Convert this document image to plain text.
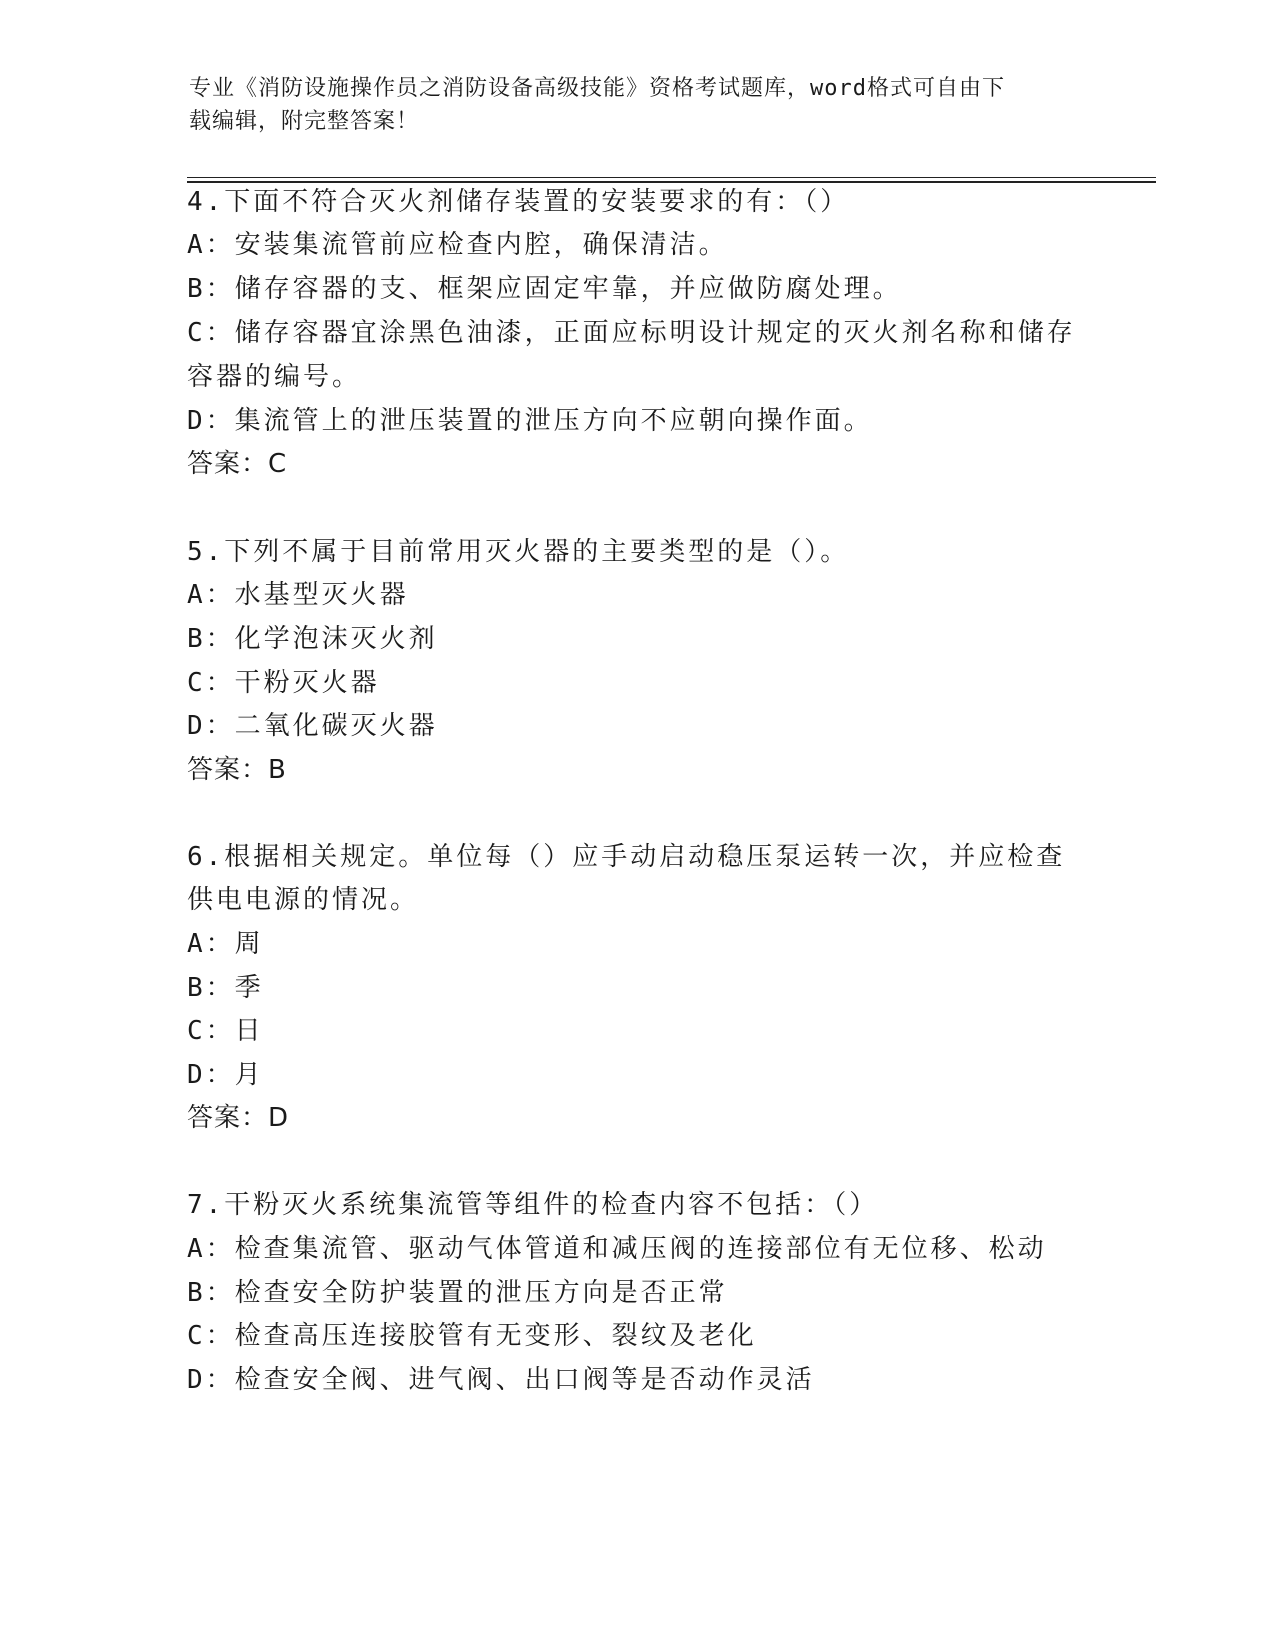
专业《消防设施操作员之消防设备高级技能》资格考试题库，word格式可自由下
载编辑，附完整答案！
4.下面不符合灭火剂储存装置的安装要求的有：（）
A：安装集流管前应检查内腔，确保清洁。
B：储存容器的支、框架应固定牢靠，并应做防腐处理。
C：储存容器宜涂黑色油漆，正面应标明设计规定的灭火剂名称和储存
容器的编号。
D：集流管上的泄压装置的泄压方向不应朝向操作面。
答案：C
5.下列不属于目前常用灭火器的主要类型的是（）。
A：水基型灭火器
B：化学泡沫灭火剂
C：干粉灭火器
D：二氧化碳灭火器
答案：B
6.根据相关规定。单位每（）应手动启动稳压泵运转一次，并应检查
供电电源的情况。
A：周
B：季
C：日
D：月
答案：D
7.干粉灭火系统集流管等组件的检查内容不包括：（）
A：检查集流管、驱动气体管道和减压阀的连接部位有无位移、松动
B：检查安全防护装置的泄压方向是否正常
C：检查高压连接胶管有无变形、裂纹及老化
D：检查安全阀、进气阀、出口阀等是否动作灵活
